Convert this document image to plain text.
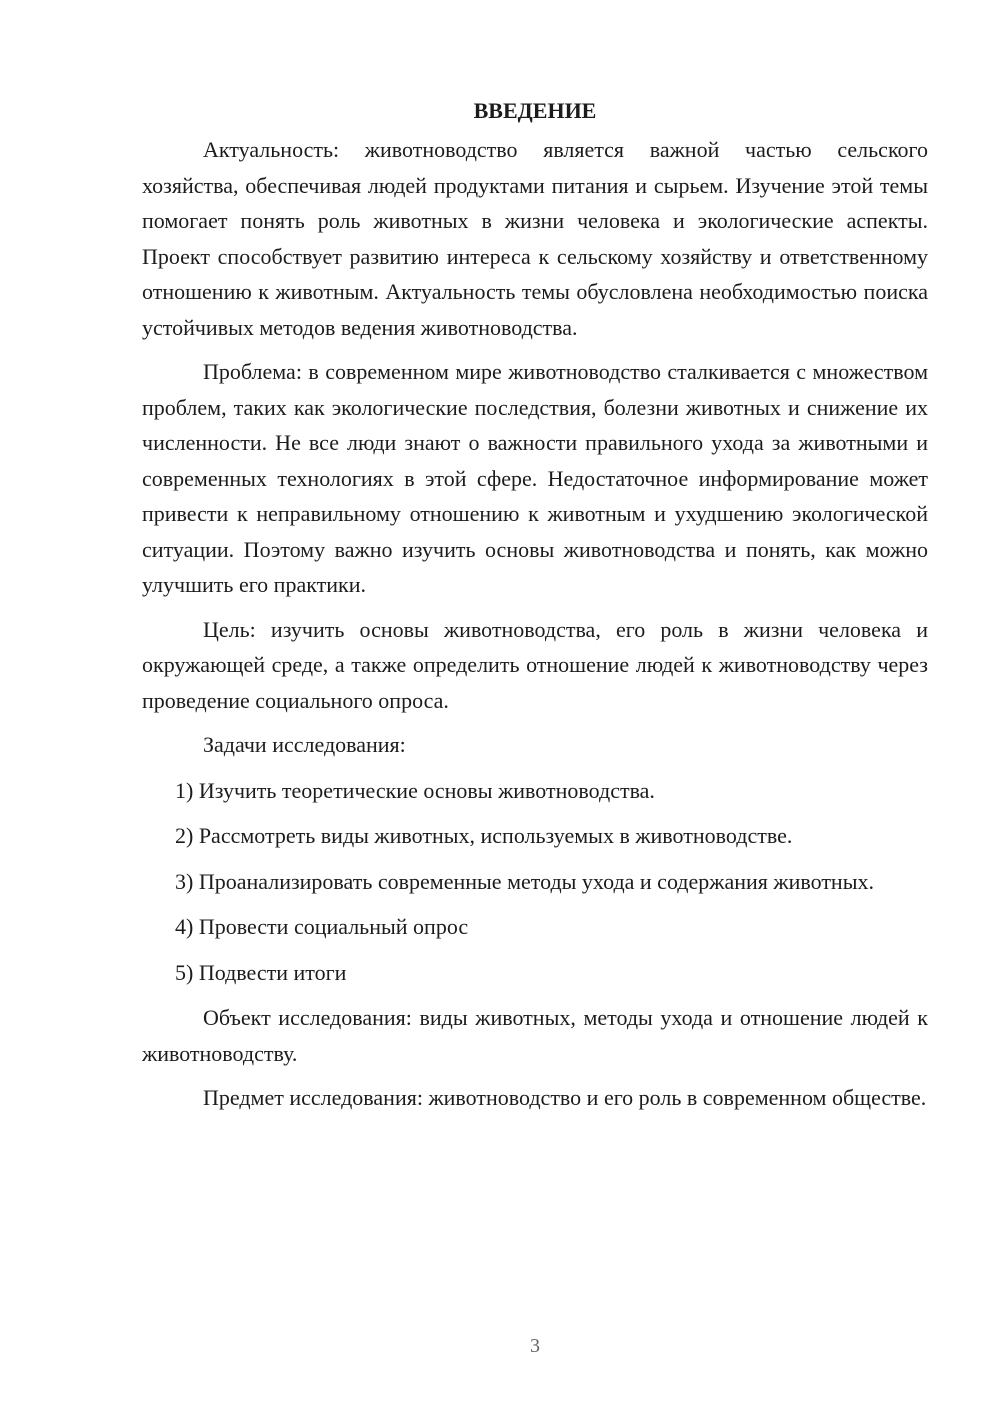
ВВЕДЕНИЕ

Актуальность: животноводство является важной частью сельского хозяйства, обеспечивая людей продуктами питания и сырьем. Изучение этой темы помогает понять роль животных в жизни человека и экологические аспекты. Проект способствует развитию интереса к сельскому хозяйству и ответственному отношению к животным. Актуальность темы обусловлена необходимостью поиска устойчивых методов ведения животноводства.

Проблема: в современном мире животноводство сталкивается с множеством проблем, таких как экологические последствия, болезни животных и снижение их численности. Не все люди знают о важности правильного ухода за животными и современных технологиях в этой сфере. Недостаточное информирование может привести к неправильному отношению к животным и ухудшению экологической ситуации. Поэтому важно изучить основы животноводства и понять, как можно улучшить его практики.

Цель: изучить основы животноводства, его роль в жизни человека и окружающей среде, а также определить отношение людей к животноводству через проведение социального опроса.

Задачи исследования:

1) Изучить теоретические основы животноводства.

2) Рассмотреть виды животных, используемых в животноводстве.

3) Проанализировать современные методы ухода и содержания животных.

4) Провести социальный опрос

5) Подвести итоги

Объект исследования: виды животных, методы ухода и отношение людей к животноводству.

Предмет исследования: животноводство и его роль в современном обществе.

3
